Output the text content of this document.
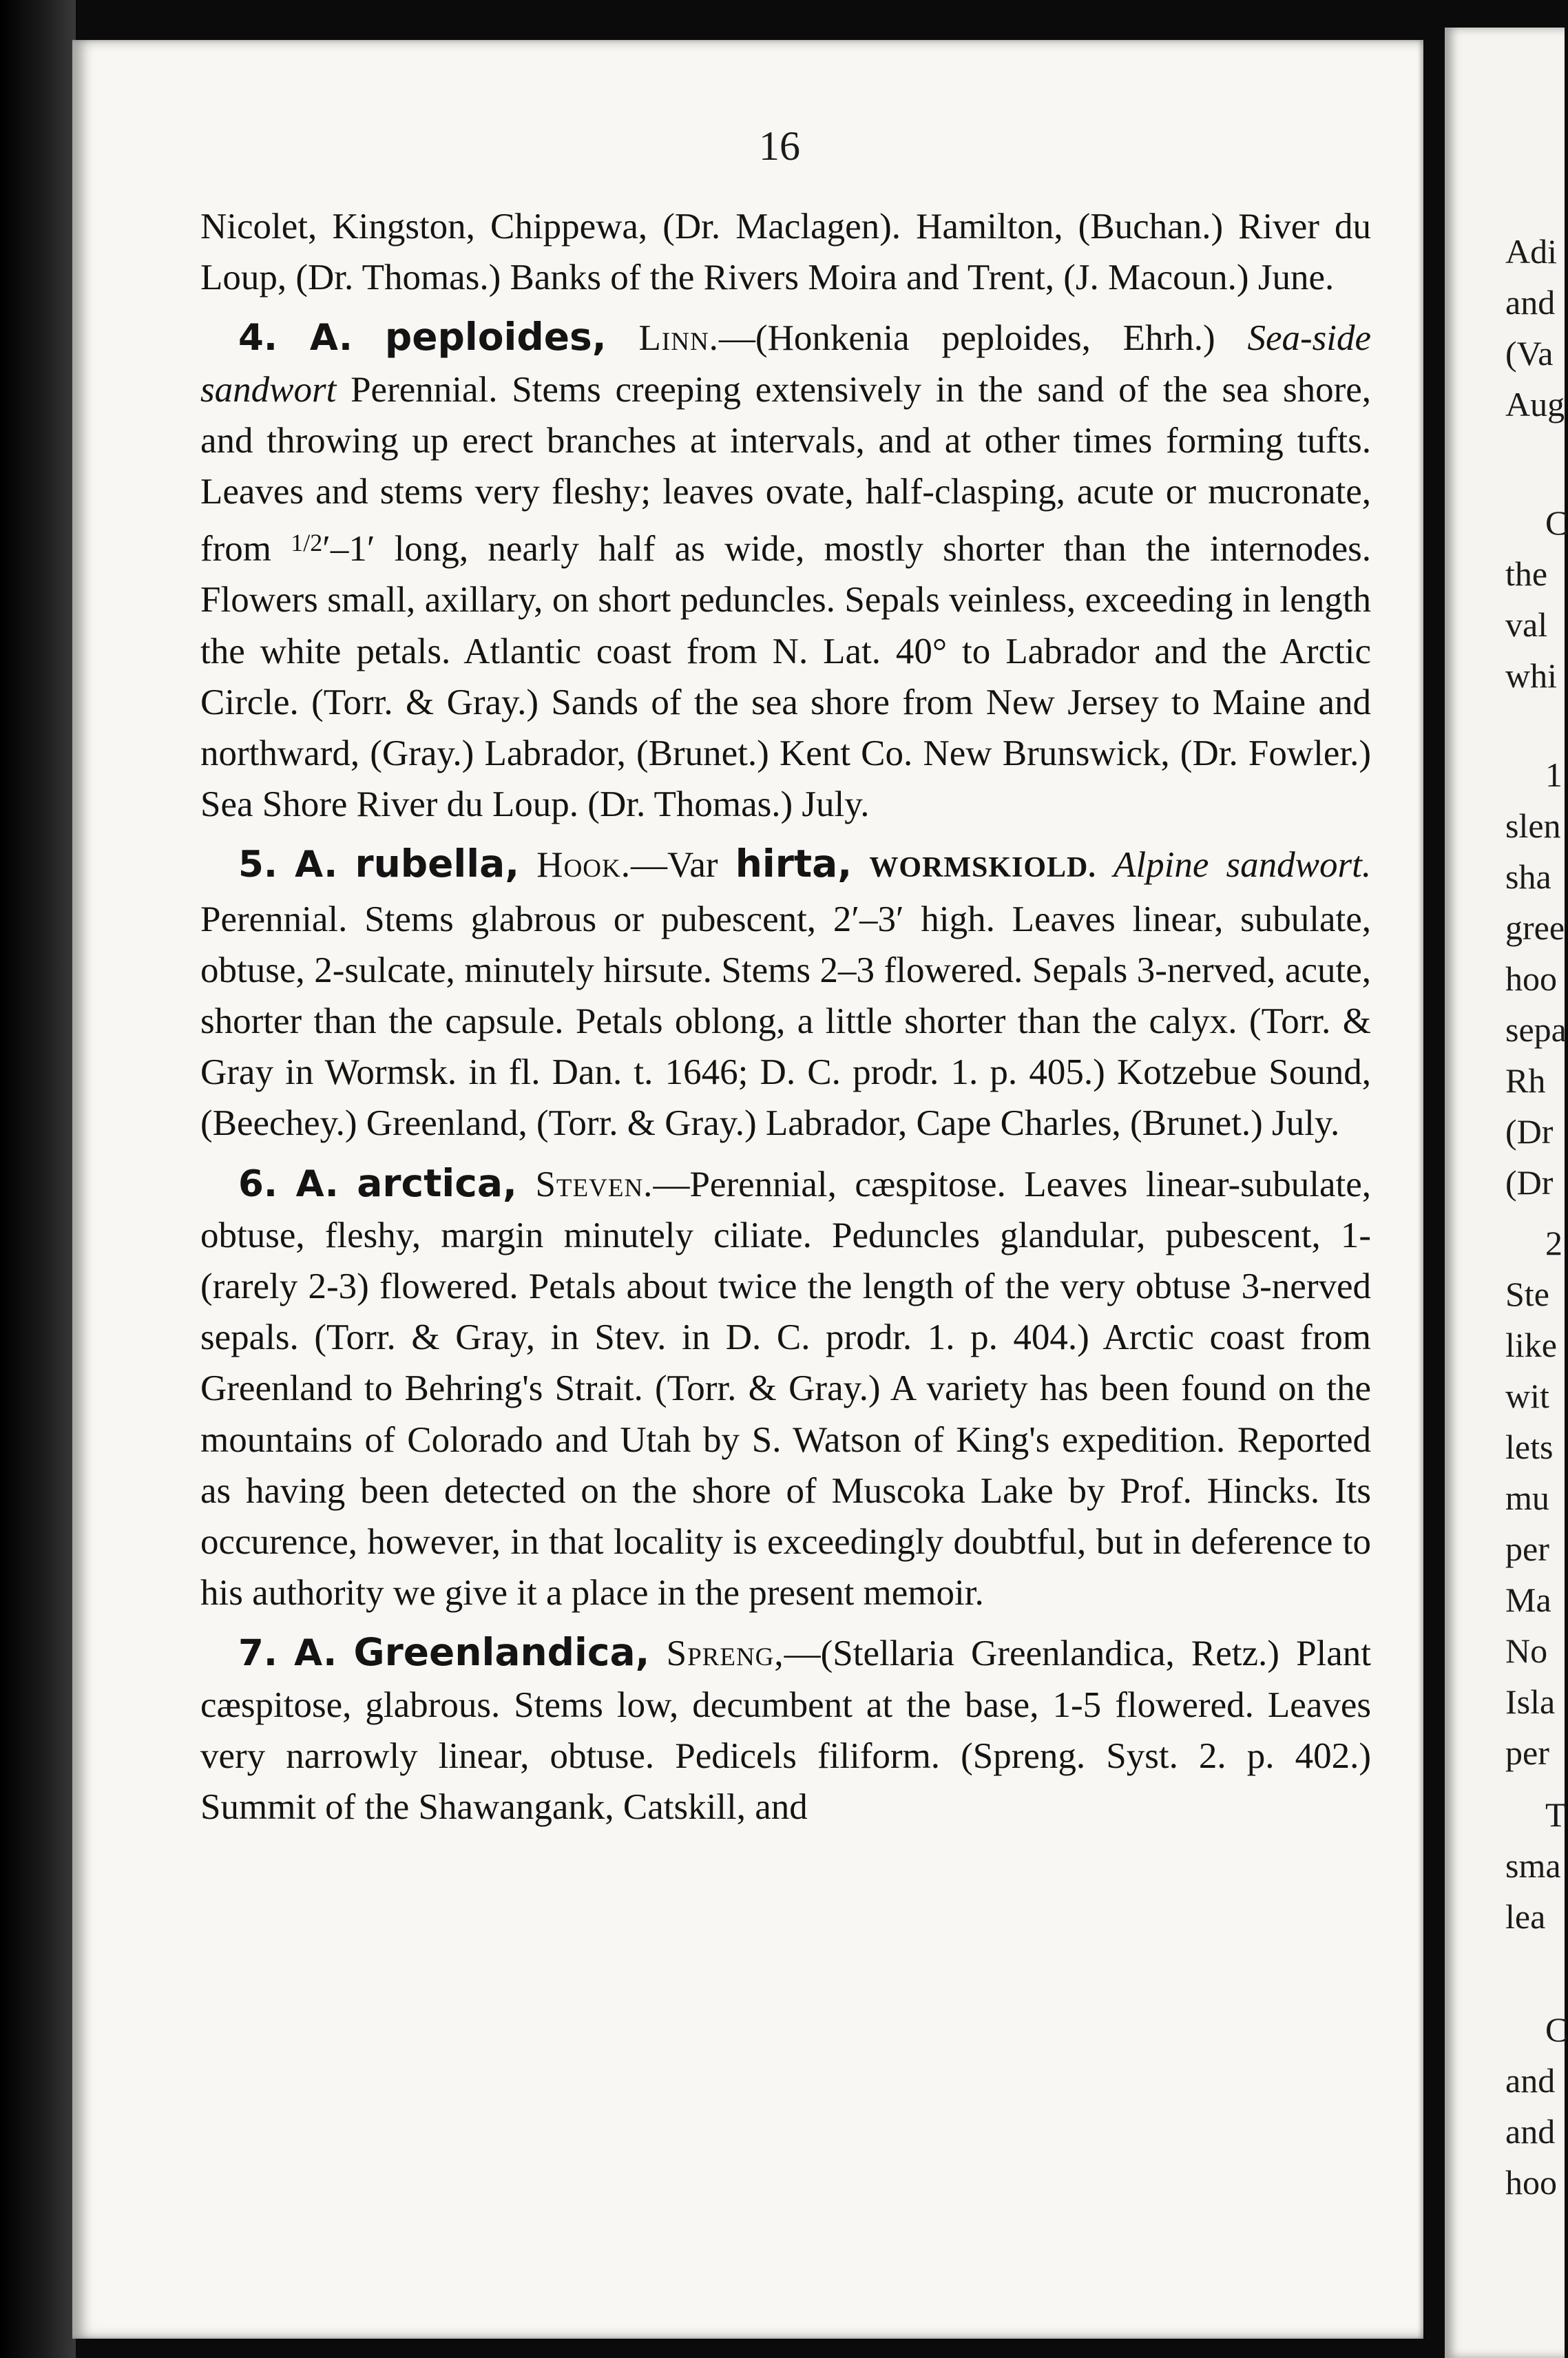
Adi
and
(Va
Aug
C
the
val
whi
1
slen
sha
gree
hoo
sepa
Rh
(Dr
(Dr
2
Ste
like
wit
lets
mu
per
Ma
No
Isla
per
T
sma
lea
C
and
and
hoo
16

Nicolet, Kingston, Chippewa, (Dr. Maclagen). Hamilton, (Buchan.) River du Loup, (Dr. Thomas.) Banks of the Rivers Moira and Trent, (J. Macoun.) June.

4. A. peploides, Linn.—(Honkenia peploides, Ehrh.) Sea-side sandwort Perennial. Stems creeping extensively in the sand of the sea shore, and throwing up erect branches at intervals, and at other times forming tufts. Leaves and stems very fleshy; leaves ovate, half-clasping, acute or mucronate, from $^{1/2}$′–1′ long, nearly half as wide, mostly shorter than the internodes. Flowers small, axillary, on short peduncles. Sepals veinless, exceeding in length the white petals. Atlantic coast from N. Lat. 40° to Labrador and the Arctic Circle. (Torr. & Gray.) Sands of the sea shore from New Jersey to Maine and northward, (Gray.) Labrador, (Brunet.) Kent Co. New Brunswick, (Dr. Fowler.) Sea Shore River du Loup. (Dr. Thomas.) July.

5. A. rubella, Hook.—Var hirta, WORMSKIOLD. Alpine sandwort. Perennial. Stems glabrous or pubescent, 2′–3′ high. Leaves linear, subulate, obtuse, 2-sulcate, minutely hirsute. Stems 2–3 flowered. Sepals 3-nerved, acute, shorter than the capsule. Petals oblong, a little shorter than the calyx. (Torr. & Gray in Wormsk. in fl. Dan. t. 1646; D. C. prodr. 1. p. 405.) Kotzebue Sound, (Beechey.) Greenland, (Torr. & Gray.) Labrador, Cape Charles, (Brunet.) July.

6. A. arctica, Steven.—Perennial, cæspitose. Leaves linear-subulate, obtuse, fleshy, margin minutely ciliate. Peduncles glandular, pubescent, 1- (rarely 2-3) flowered. Petals about twice the length of the very obtuse 3-nerved sepals. (Torr. & Gray, in Stev. in D. C. prodr. 1. p. 404.) Arctic coast from Greenland to Behring's Strait. (Torr. & Gray.) A variety has been found on the mountains of Colorado and Utah by S. Watson of King's expedition. Reported as having been detected on the shore of Muscoka Lake by Prof. Hincks. Its occurence, however, in that locality is exceedingly doubtful, but in deference to his authority we give it a place in the present memoir.

7. A. Greenlandica, Spreng,—(Stellaria Greenlandica, Retz.) Plant cæspitose, glabrous. Stems low, decumbent at the base, 1-5 flowered. Leaves very narrowly linear, obtuse. Pedicels filiform. (Spreng. Syst. 2. p. 402.) Summit of the Shawangank, Catskill, and
